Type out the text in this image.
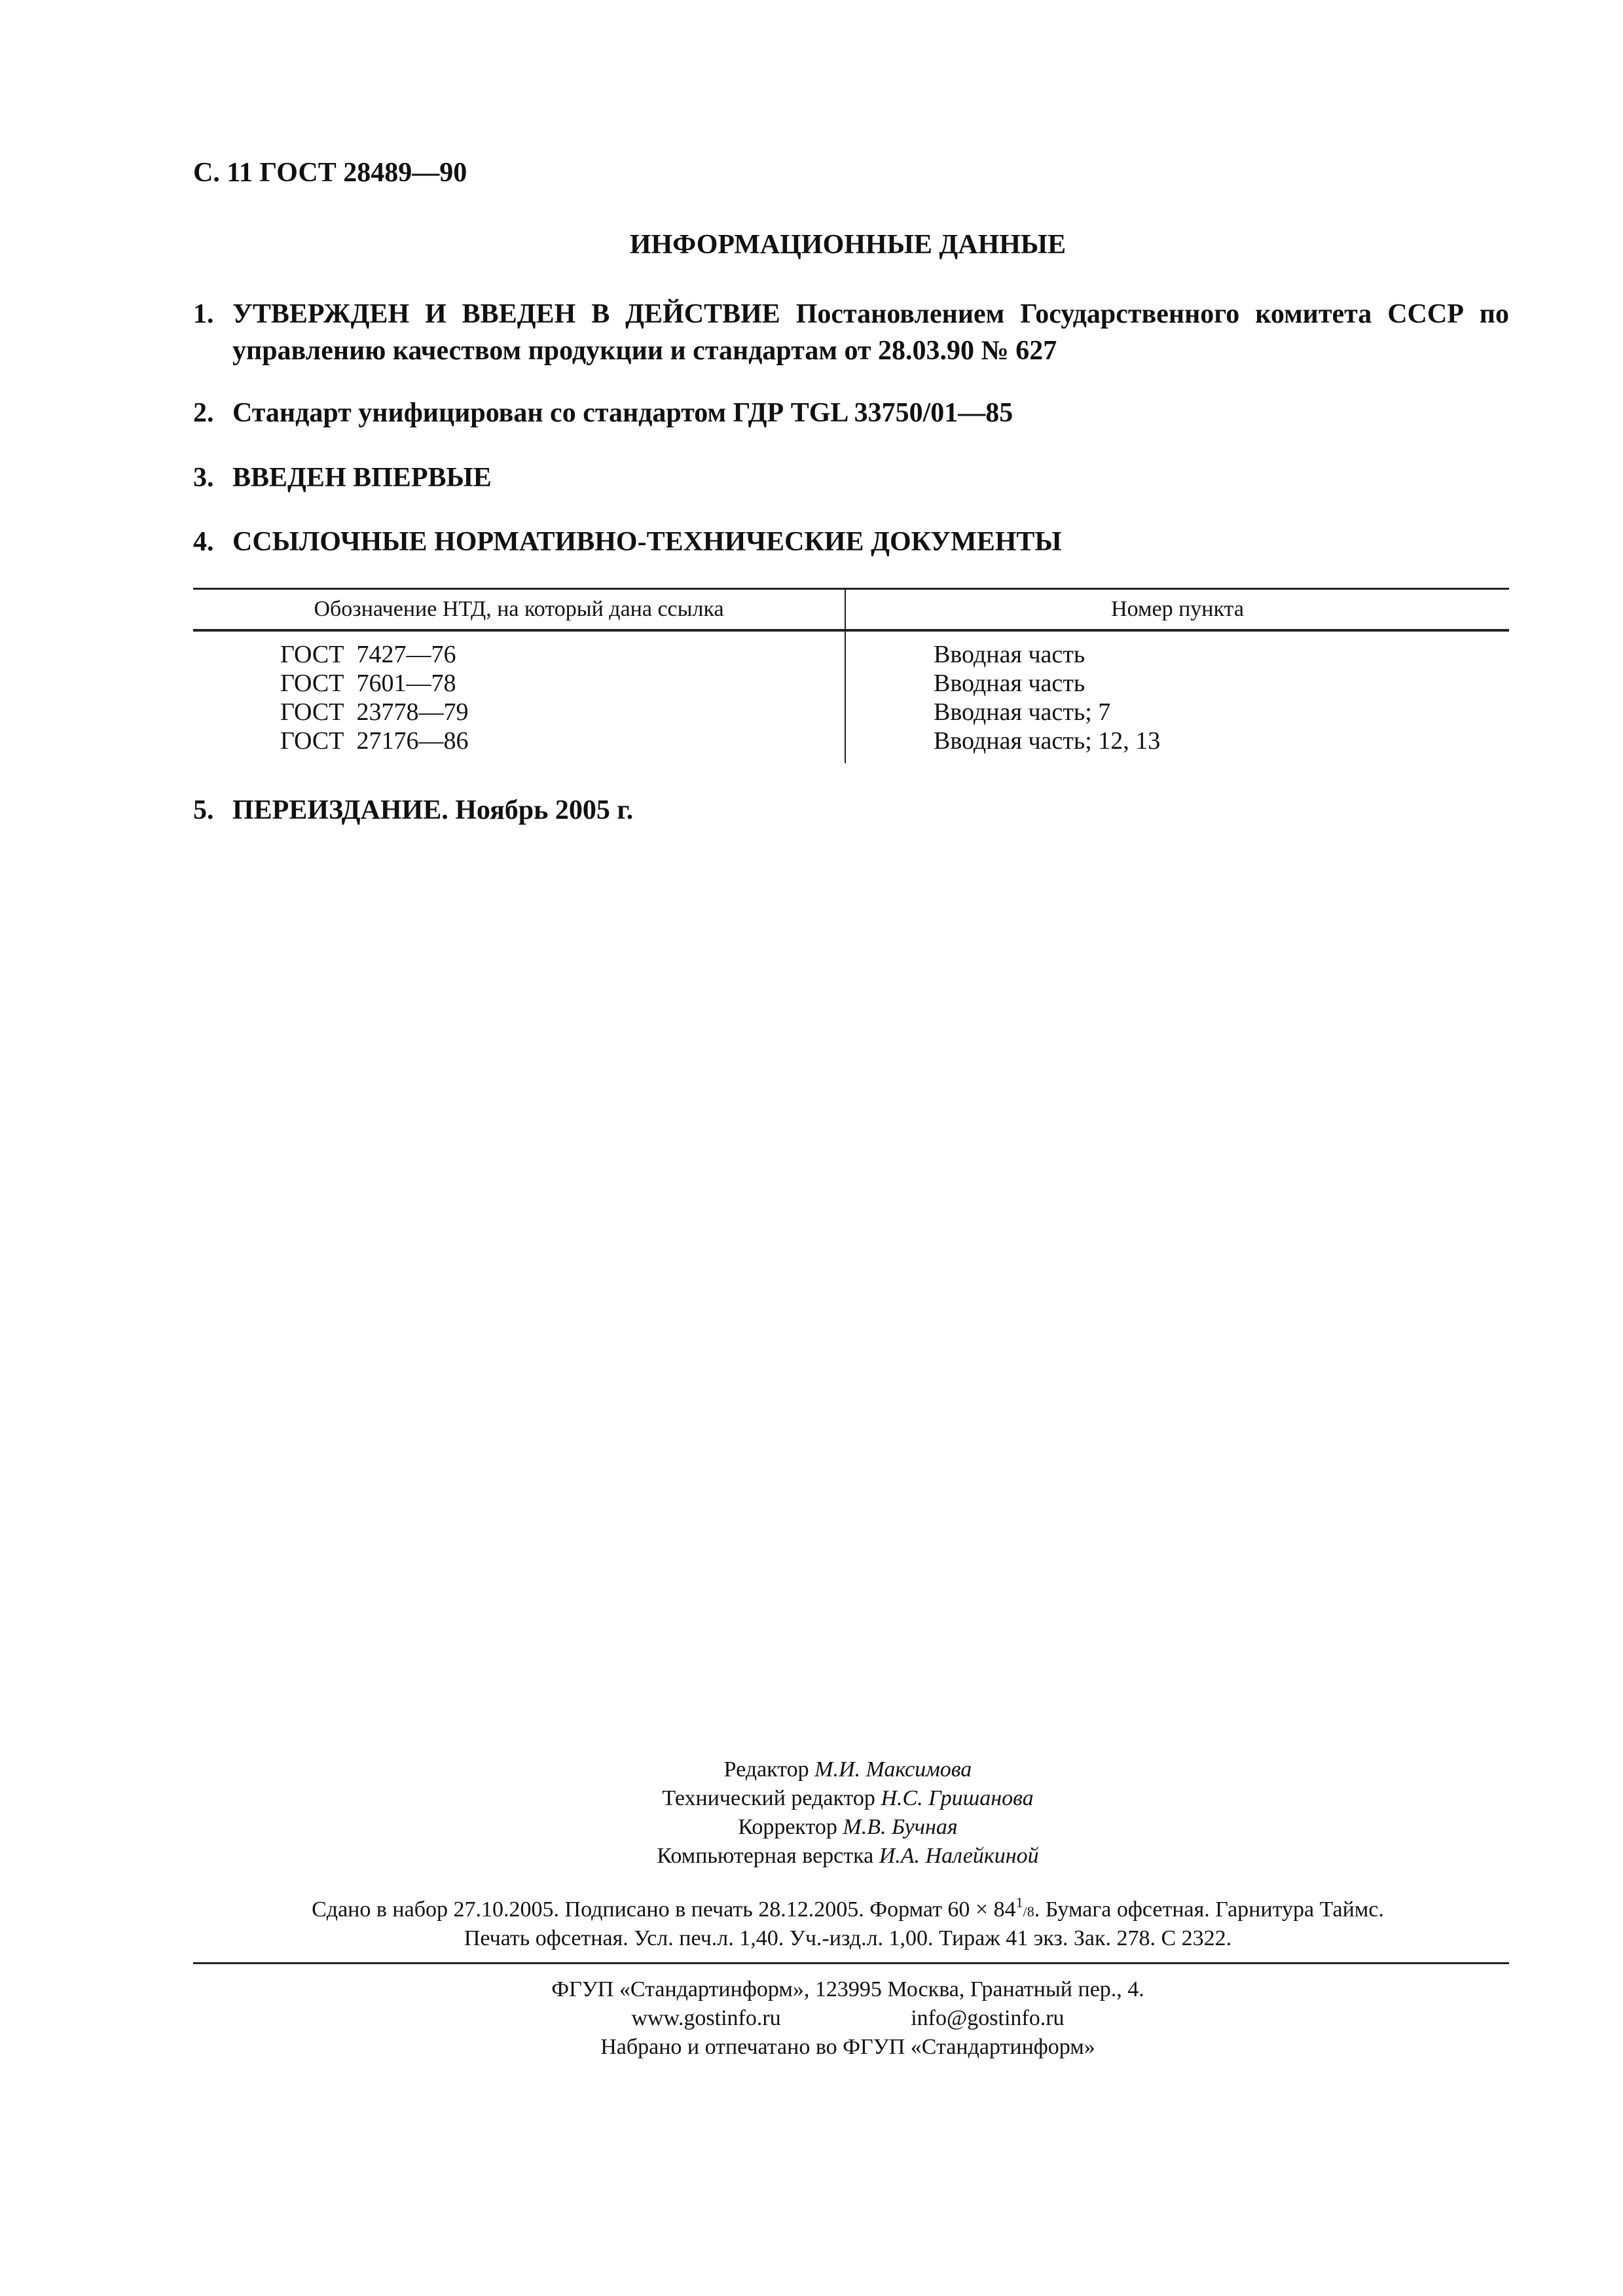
С. 11 ГОСТ 28489—90
ИНФОРМАЦИОННЫЕ ДАННЫЕ
1. УТВЕРЖДЕН И ВВЕДЕН В ДЕЙСТВИЕ Постановлением Государственного комитета СССР по управлению качеством продукции и стандартам от 28.03.90 № 627
2. Стандарт унифицирован со стандартом ГДР TGL 33750/01—85
3. ВВЕДЕН ВПЕРВЫЕ
4. ССЫЛОЧНЫЕ НОРМАТИВНО-ТЕХНИЧЕСКИЕ ДОКУМЕНТЫ
Обозначение НТД, на который дана ссылка	Номер пункта
ГОСТ  7427—76	Вводная часть
ГОСТ  7601—78	Вводная часть
ГОСТ  23778—79	Вводная часть; 7
ГОСТ  27176—86	Вводная часть; 12, 13
5. ПЕРЕИЗДАНИЕ. Ноябрь 2005 г.
Редактор М.И. Максимова
Технический редактор Н.С. Гришанова
Корректор М.В. Бучная
Компьютерная верстка И.А. Налейкиной
Сдано в набор 27.10.2005. Подписано в печать 28.12.2005. Формат $60 \times 84^1/8$. Бумага офсетная. Гарнитура Таймс.
Печать офсетная. Усл. печ.л. 1,40. Уч.-изд.л. 1,00. Тираж 41 экз. Зак. 278. С 2322.
ФГУП «Стандартинформ», 123995 Москва, Гранатный пер., 4.
www.gostinfo.ru	info@gostinfo.ru
Набрано и отпечатано во ФГУП «Стандартинформ»
